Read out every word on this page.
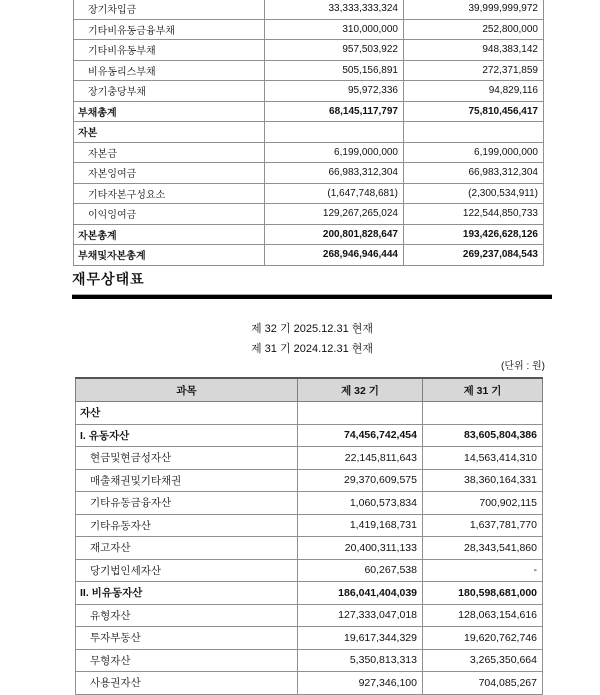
장기차입금	33,333,333,324	39,999,999,972
기타비유동금융부채	310,000,000	252,800,000
기타비유동부채	957,503,922	948,383,142
비유동리스부채	505,156,891	272,371,859
장기충당부채	95,972,336	94,829,116
부채총계	68,145,117,797	75,810,456,417
자본		
자본금	6,199,000,000	6,199,000,000
자본잉여금	66,983,312,304	66,983,312,304
기타자본구성요소	(1,647,748,681)	(2,300,534,911)
이익잉여금	129,267,265,024	122,544,850,733
자본총계	200,801,828,647	193,426,628,126
부채및자본총계	268,946,946,444	269,237,084,543
재무상태표
제 32 기 2025.12.31 현재
제 31 기 2024.12.31 현재
(단위 : 원)
과목	제 32 기	제 31 기
자산		
I. 유동자산	74,456,742,454	83,605,804,386
현금및현금성자산	22,145,811,643	14,563,414,310
매출채권및기타채권	29,370,609,575	38,360,164,331
기타유동금융자산	1,060,573,834	700,902,115
기타유동자산	1,419,168,731	1,637,781,770
재고자산	20,400,311,133	28,343,541,860
당기법인세자산	60,267,538	-
II. 비유동자산	186,041,404,039	180,598,681,000
유형자산	127,333,047,018	128,063,154,616
투자부동산	19,617,344,329	19,620,762,746
무형자산	5,350,813,313	3,265,350,664
사용권자산	927,346,100	704,085,267
